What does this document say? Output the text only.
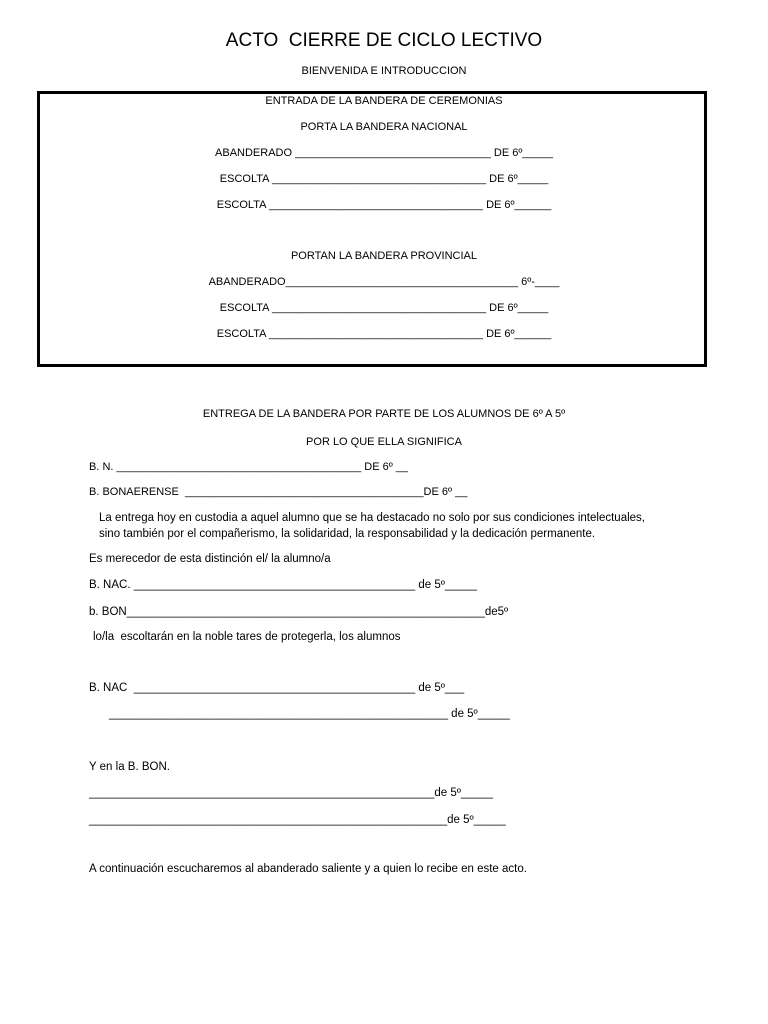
ACTO  CIERRE DE CICLO LECTIVO
BIENVENIDA E INTRODUCCION
ENTRADA DE LA BANDERA DE CEREMONIAS
PORTA LA BANDERA NACIONAL
ABANDERADO ________________________________ DE 6º_____
ESCOLTA ___________________________________ DE 6º_____
ESCOLTA ___________________________________ DE 6º______
PORTAN LA BANDERA PROVINCIAL
ABANDERADO______________________________________ 6º-____
ESCOLTA ___________________________________ DE 6º_____
ESCOLTA ___________________________________ DE 6º______
ENTREGA DE LA BANDERA POR PARTE DE LOS ALUMNOS DE 6º A 5º
POR LO QUE ELLA SIGNIFICA
B. N. ________________________________________ DE 6º __
B. BONAERENSE  _______________________________________DE 6º __
La entrega hoy en custodia a aquel alumno que se ha destacado no solo por sus condiciones intelectuales,
sino también por el compañerismo, la solidaridad, la responsabilidad y la dedicación permanente.
Es merecedor de esta distinción el/ la alumno/a
B. NAC. ____________________________________________ de 5º_____
b. BON________________________________________________________de5º
lo/la  escoltarán en la noble tares de protegerla, los alumnos
B. NAC  ____________________________________________ de 5º___
_____________________________________________________ de 5º_____
Y en la B. BON.
______________________________________________________de 5º_____
________________________________________________________de 5º_____
A continuación escucharemos al abanderado saliente y a quien lo recibe en este acto.
